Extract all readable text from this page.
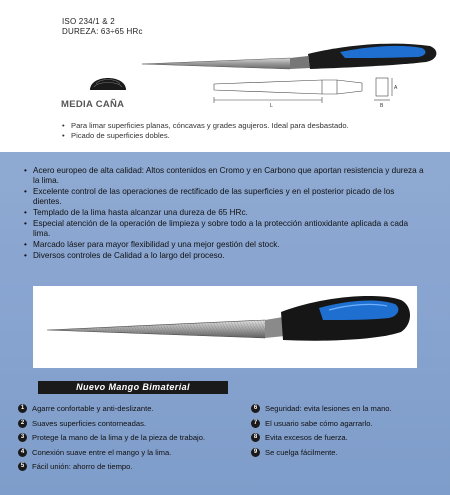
ISO 234/1 & 2
DUREZA: 63÷65 HRc
L
A
B
MEDIA CAÑA
• Para limar superficies planas, cóncavas y grades agujeros. Ideal para desbastado.
• Picado de superficies dobles.
• Acero europeo de alta calidad: Altos contenidos en Cromo y en Carbono que aportan resistencia y dureza a la lima.
• Excelente control de las operaciones de rectificado de las superficies y en el posterior picado de los dientes.
• Templado de la lima hasta alcanzar una dureza de 65 HRc.
• Especial atención de la operación de limpieza y sobre todo a la protección antioxidante aplicada a cada lima.
• Marcado láser para mayor flexibilidad y una mejor gestión del stock.
• Diversos controles de Calidad a lo largo del proceso.
Nuevo Mango Bimaterial
1	Agarre confortable y anti-deslizante.
2	Suaves superficies contorneadas.
3	Protege la mano de la lima y de la pieza de trabajo.
4	Conexión suave entre el mango y la lima.
5	Fácil unión: ahorro de tiempo.
6	Seguridad: evita lesiones en la mano.
7	El usuario sabe cómo agarrarlo.
8	Evita excesos de fuerza.
9	Se cuelga fácilmente.
